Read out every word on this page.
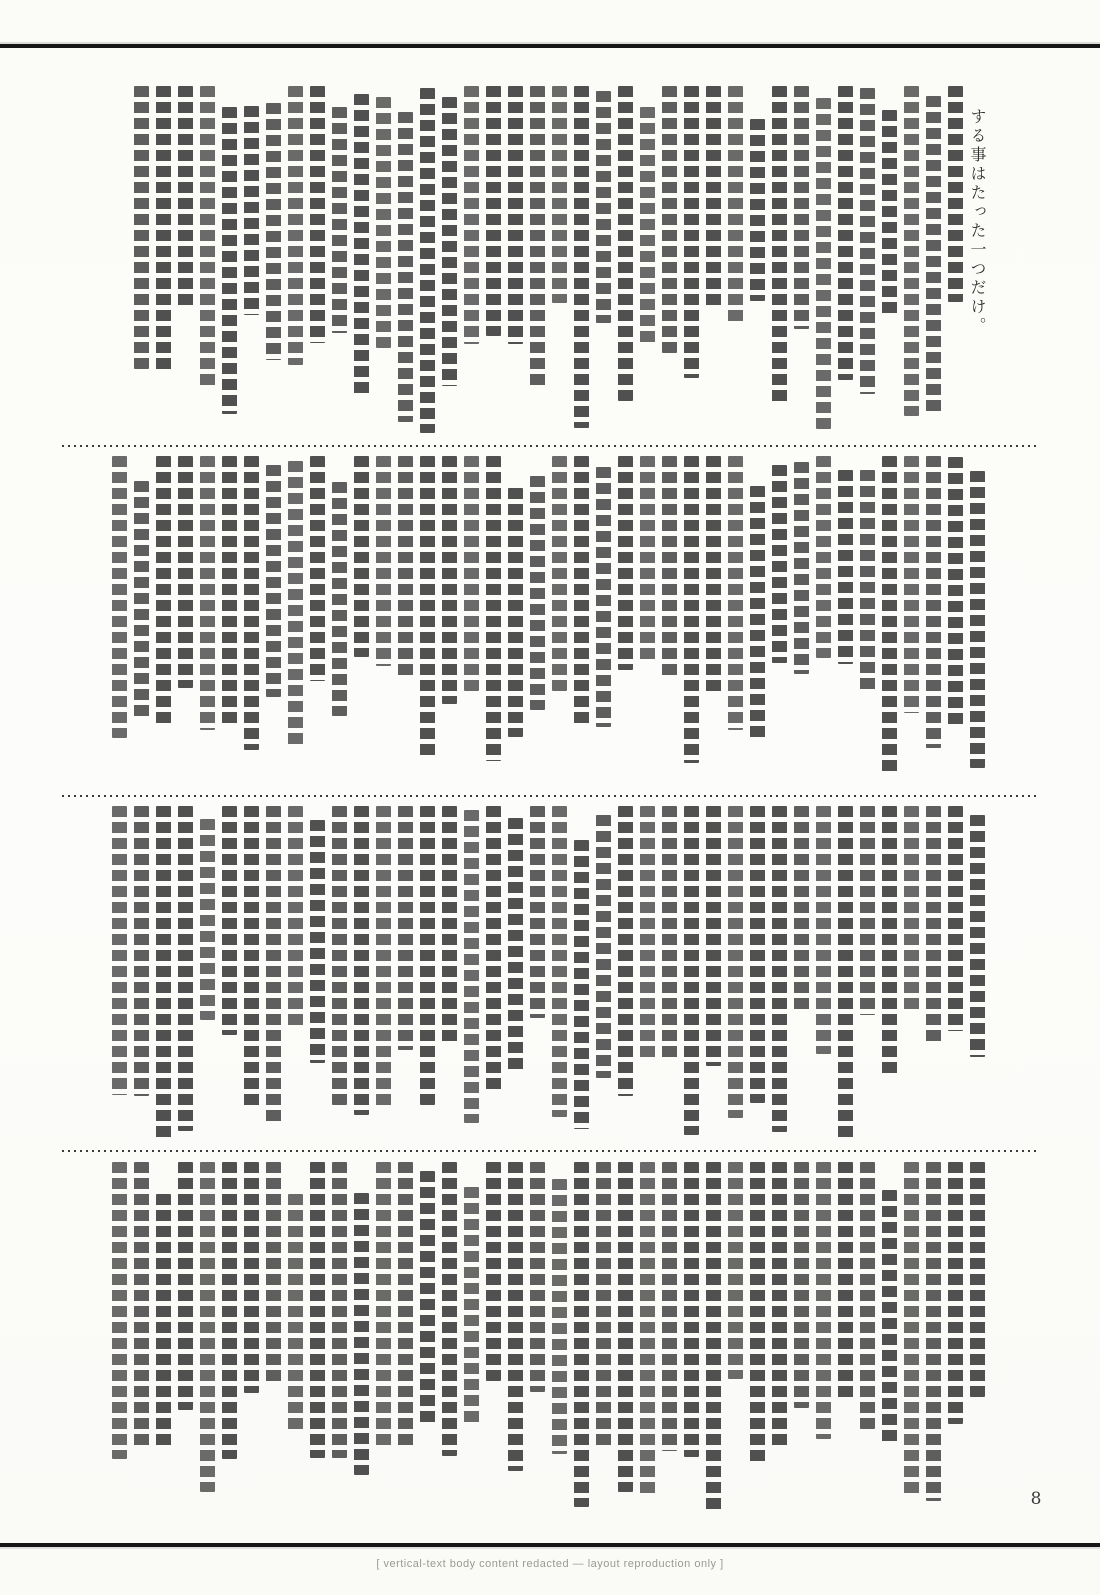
する事はたった一つだけ。
8
[ vertical-text body content redacted — layout reproduction only ]
